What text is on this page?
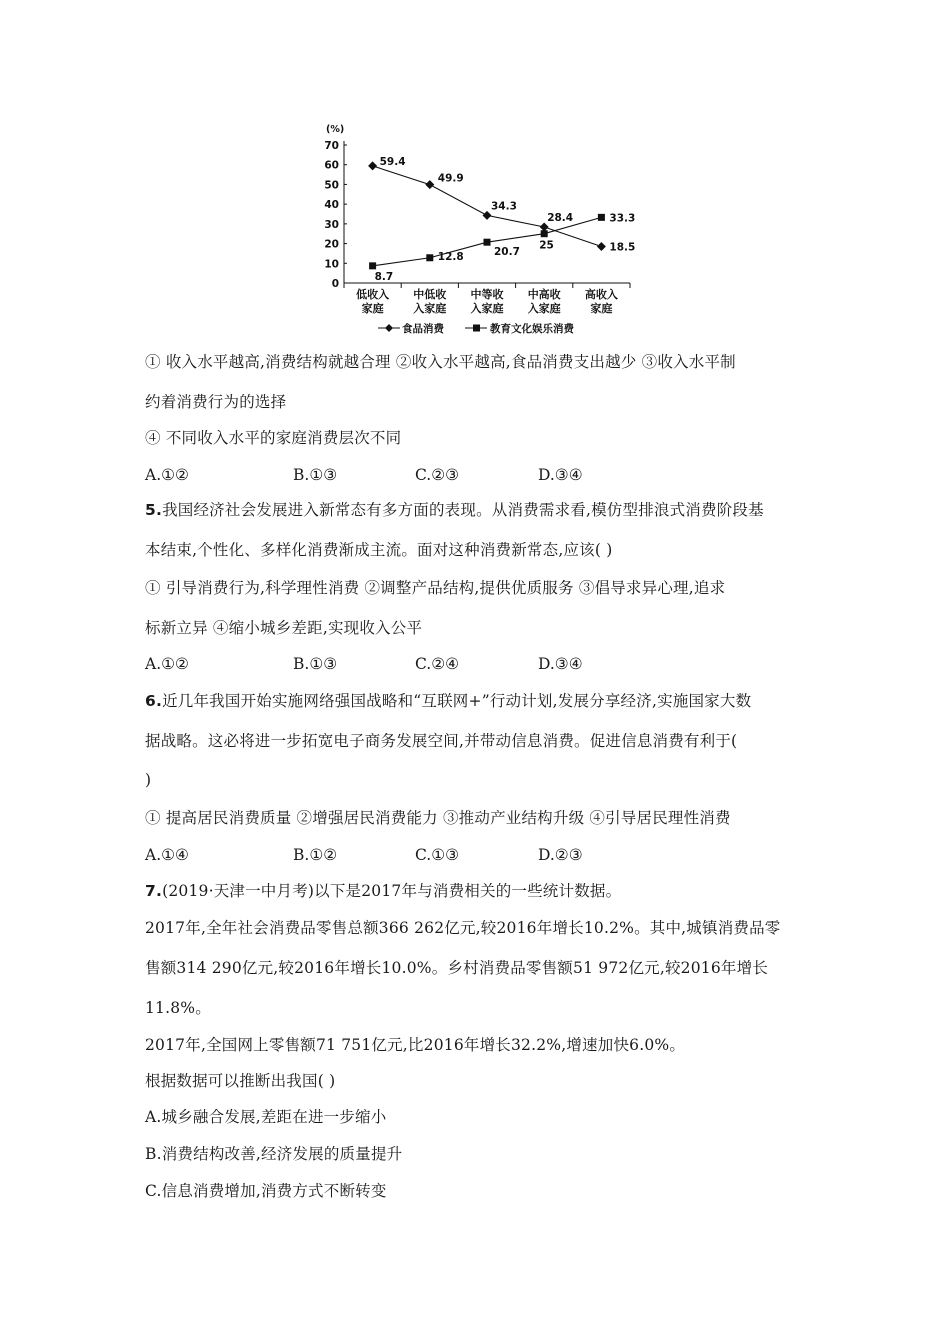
(%)
0
10
20
30
40
50
60
70
低收入
家庭
中低收
入家庭
中等收
入家庭
中高收
入家庭
高收入
家庭
59.4
49.9
34.3
28.4
18.5
8.7
12.8	20.7
25
33.3
食品消费	教育文化娱乐消费

① 收入水平越高,消费结构就越合理 ②收入水平越高,食品消费支出越少 ③收入水平制

约着消费行为的选择

④ 不同收入水平的家庭消费层次不同

A.①②	B.①③	C.②③	D.③④

5.我国经济社会发展进入新常态有多方面的表现。从消费需求看,模仿型排浪式消费阶段基

本结束,个性化、多样化消费渐成主流。面对这种消费新常态,应该( )

① 引导消费行为,科学理性消费 ②调整产品结构,提供优质服务 ③倡导求异心理,追求

标新立异 ④缩小城乡差距,实现收入公平

A.①②	B.①③	C.②④	D.③④

6.近几年我国开始实施网络强国战略和“互联网+”行动计划,发展分享经济,实施国家大数

据战略。这必将进一步拓宽电子商务发展空间,并带动信息消费。促进信息消费有利于(

)

① 提高居民消费质量 ②增强居民消费能力 ③推动产业结构升级 ④引导居民理性消费

A.①④	B.①②	C.①③	D.②③

7.(2019·天津一中月考)以下是2017年与消费相关的一些统计数据。

2017年,全年社会消费品零售总额366 262亿元,较2016年增长10.2%。其中,城镇消费品零

售额314 290亿元,较2016年增长10.0%。乡村消费品零售额51 972亿元,较2016年增长

11.8%。

2017年,全国网上零售额71 751亿元,比2016年增长32.2%,增速加快6.0%。

根据数据可以推断出我国( )

A.城乡融合发展,差距在进一步缩小

B.消费结构改善,经济发展的质量提升

C.信息消费增加,消费方式不断转变
